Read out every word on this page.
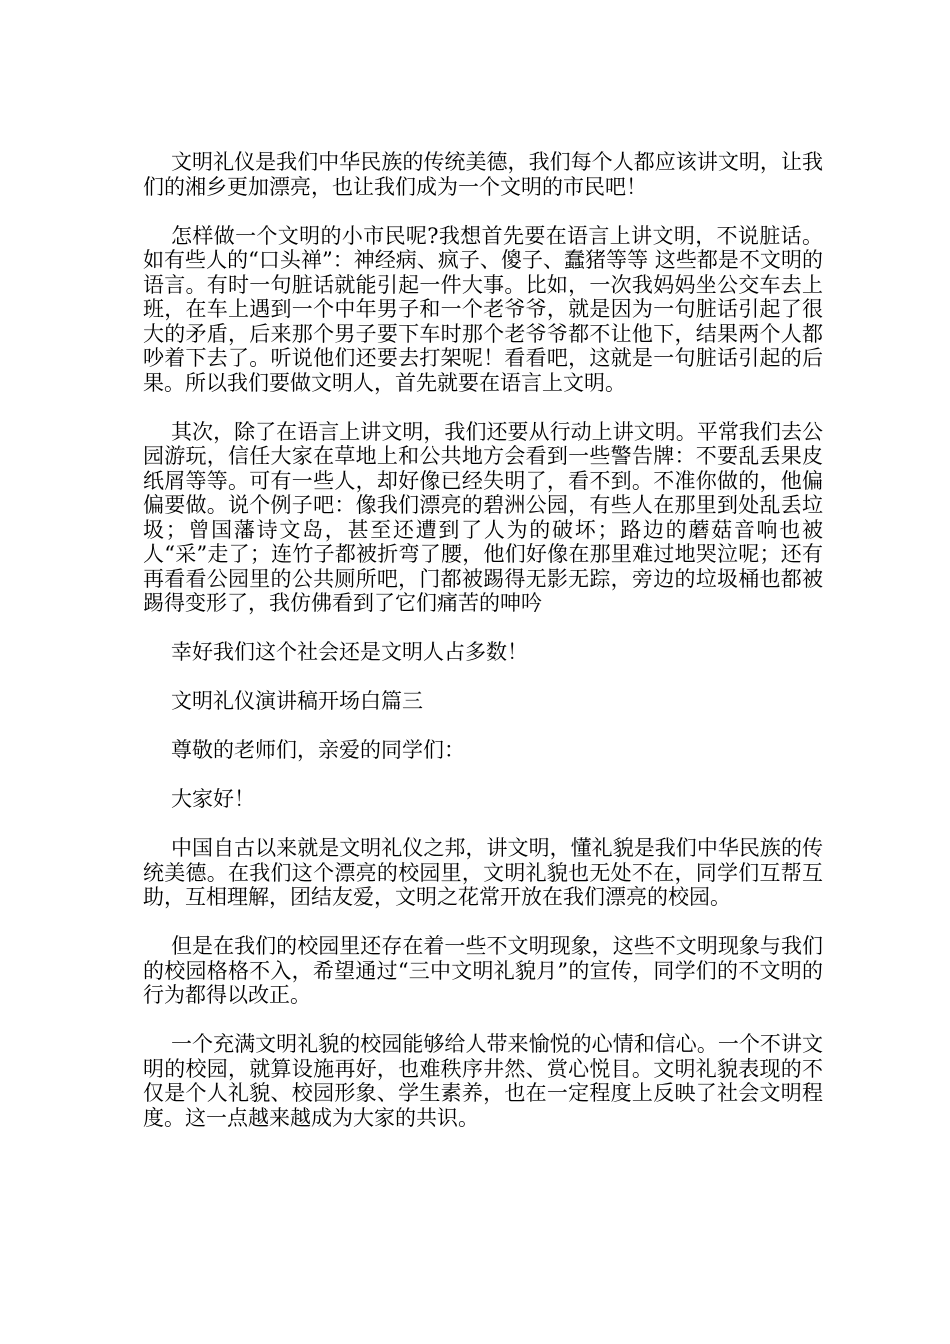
文明礼仪是我们中华民族的传统美德，我们每个人都应该讲文明，让我们的湘乡更加漂亮，也让我们成为一个文明的市民吧！

怎样做一个文明的小市民呢?我想首先要在语言上讲文明，不说脏话。如有些人的“口头禅”：神经病、疯子、傻子、蠢猪等等 这些都是不文明的语言。有时一句脏话就能引起一件大事。比如，一次我妈妈坐公交车去上班，在车上遇到一个中年男子和一个老爷爷，就是因为一句脏话引起了很大的矛盾，后来那个男子要下车时那个老爷爷都不让他下，结果两个人都吵着下去了。听说他们还要去打架呢！看看吧，这就是一句脏话引起的后果。所以我们要做文明人，首先就要在语言上文明。

其次，除了在语言上讲文明，我们还要从行动上讲文明。平常我们去公园游玩，信任大家在草地上和公共地方会看到一些警告牌：不要乱丢果皮纸屑等等。可有一些人，却好像已经失明了，看不到。不准你做的，他偏偏要做。说个例子吧：像我们漂亮的碧洲公园，有些人在那里到处乱丢垃圾；曾国藩诗文岛，甚至还遭到了人为的破坏；路边的蘑菇音响也被人“采”走了；连竹子都被折弯了腰，他们好像在那里难过地哭泣呢；还有再看看公园里的公共厕所吧，门都被踢得无影无踪，旁边的垃圾桶也都被踢得变形了，我仿佛看到了它们痛苦的呻吟

幸好我们这个社会还是文明人占多数！

文明礼仪演讲稿开场白篇三

尊敬的老师们，亲爱的同学们：

大家好！

中国自古以来就是文明礼仪之邦，讲文明，懂礼貌是我们中华民族的传统美德。在我们这个漂亮的校园里，文明礼貌也无处不在，同学们互帮互助，互相理解，团结友爱，文明之花常开放在我们漂亮的校园。

但是在我们的校园里还存在着一些不文明现象，这些不文明现象与我们的校园格格不入，希望通过“三中文明礼貌月”的宣传，同学们的不文明的行为都得以改正。

一个充满文明礼貌的校园能够给人带来愉悦的心情和信心。一个不讲文明的校园，就算设施再好，也难秩序井然、赏心悦目。文明礼貌表现的不仅是个人礼貌、校园形象、学生素养，也在一定程度上反映了社会文明程度。这一点越来越成为大家的共识。
